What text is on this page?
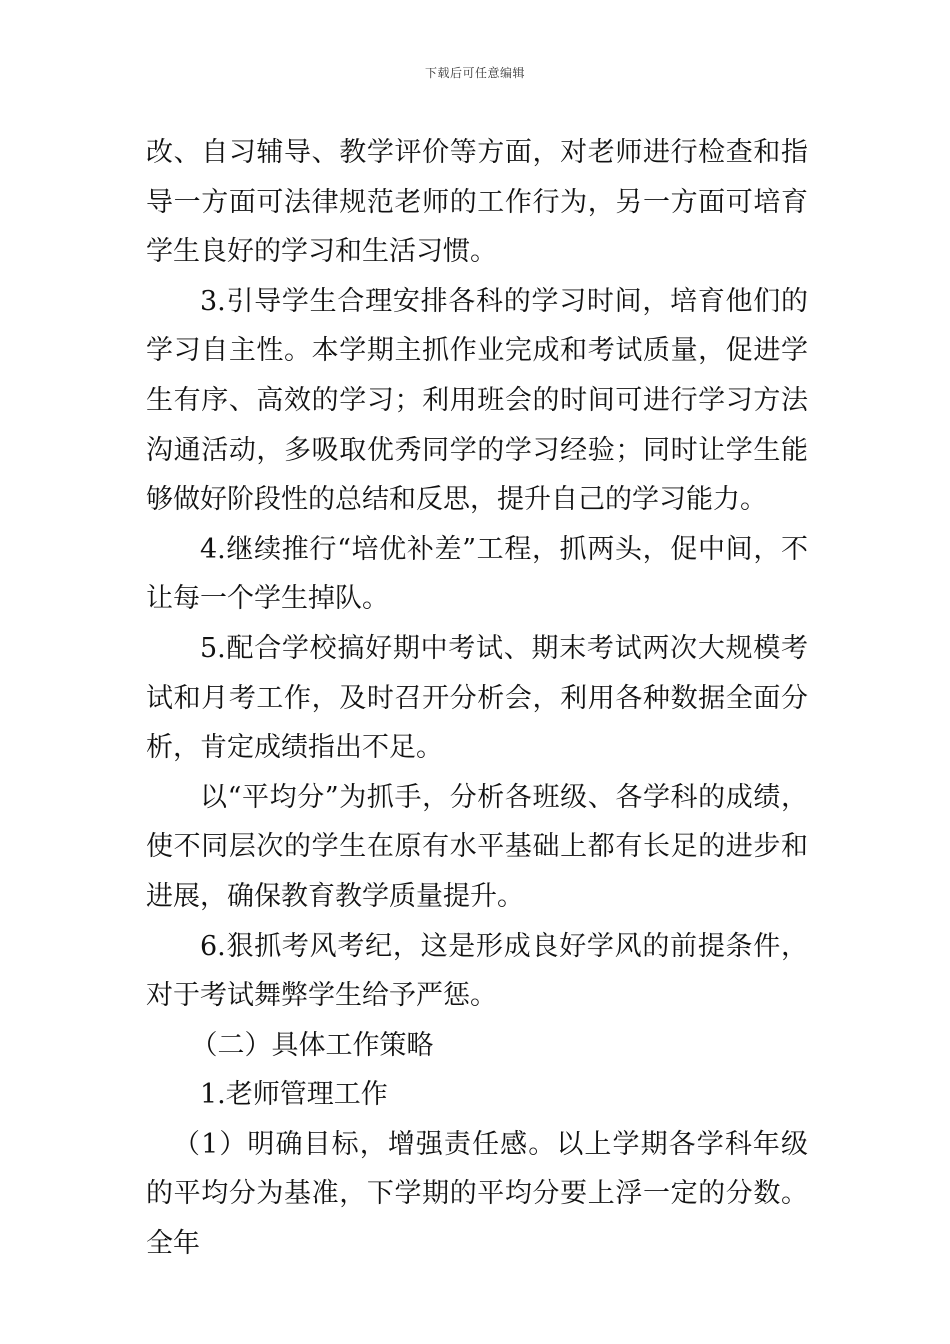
下载后可任意编辑

改、自习辅导、教学评价等方面，对老师进行检查和指导一方面可法律规范老师的工作行为，另一方面可培育学生良好的学习和生活习惯。

3.引导学生合理安排各科的学习时间，培育他们的学习自主性。本学期主抓作业完成和考试质量，促进学生有序、高效的学习；利用班会的时间可进行学习方法沟通活动，多吸取优秀同学的学习经验；同时让学生能够做好阶段性的总结和反思，提升自己的学习能力。

4.继续推行“培优补差”工程，抓两头，促中间，不让每一个学生掉队。

5.配合学校搞好期中考试、期末考试两次大规模考试和月考工作，及时召开分析会，利用各种数据全面分析，肯定成绩指出不足。

以“平均分”为抓手，分析各班级、各学科的成绩，使不同层次的学生在原有水平基础上都有长足的进步和进展，确保教育教学质量提升。

6.狠抓考风考纪，这是形成良好学风的前提条件，对于考试舞弊学生给予严惩。

（二）具体工作策略

1.老师管理工作

（1）明确目标，增强责任感。以上学期各学科年级的平均分为基准，下学期的平均分要上浮一定的分数。全年
